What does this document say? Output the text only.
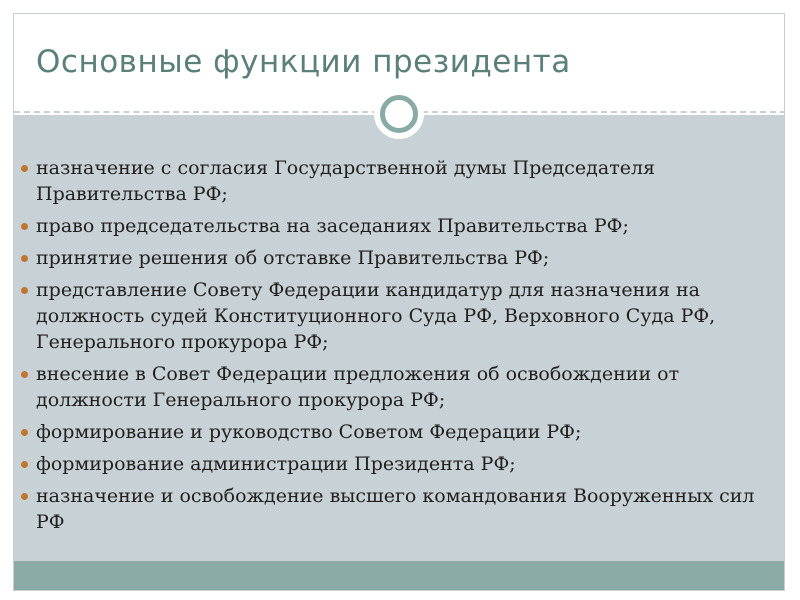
Основные функции президента
назначение с согласия Государственной думы Председателя Правительства РФ;
право председательства на заседаниях Правительства РФ;
принятие решения об отставке Правительства РФ;
представление Совету Федерации кандидатур для назначения на должность судей Конституционного Суда РФ, Верховного Суда РФ, Генерального прокурора РФ;
внесение в Совет Федерации предложения об освобождении от должности Генерального прокурора РФ;
формирование и руководство Советом Федерации РФ;
формирование администрации Президента РФ;
назначение и освобождение высшего командования Вооруженных сил РФ
